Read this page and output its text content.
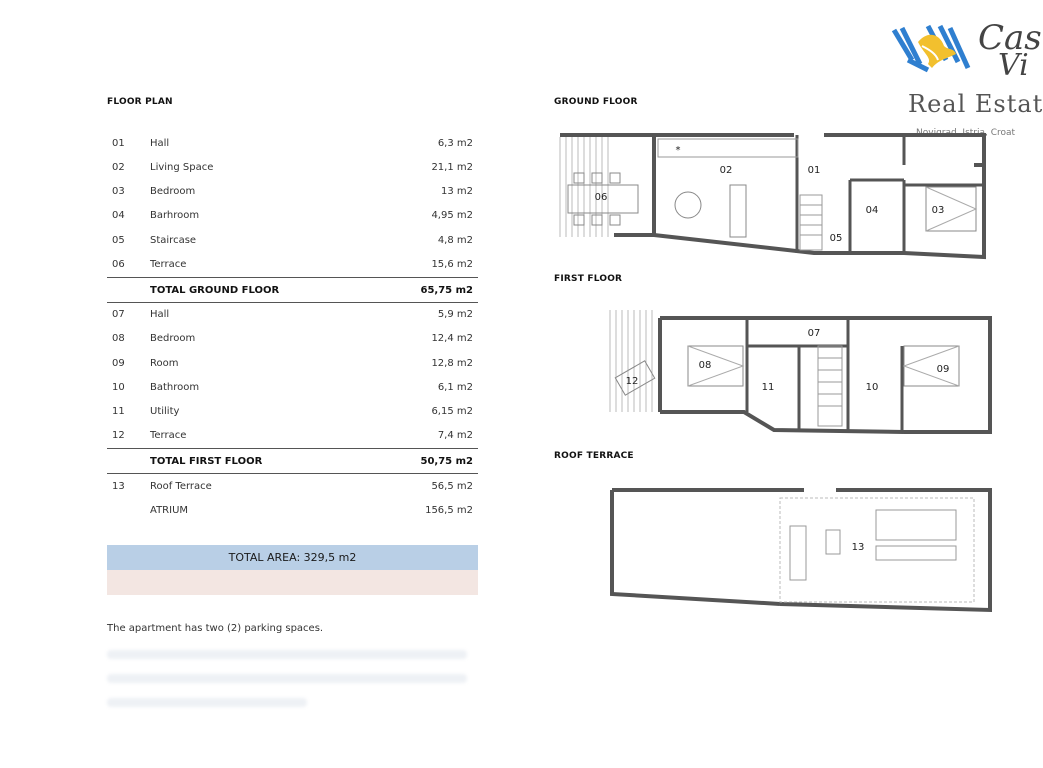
Cas
Vi
Real Estat
Novigrad, Istria, Croat
FLOOR PLAN
01	Hall	6,3 m2
02	Living Space	21,1 m2
03	Bedroom	13 m2
04	Barhroom	4,95 m2
05	Staircase	4,8 m2
06	Terrace	15,6 m2
TOTAL GROUND FLOOR	65,75 m2
07	Hall	5,9 m2
08	Bedroom	12,4 m2
09	Room	12,8 m2
10	Bathroom	6,1 m2
11	Utility	6,15 m2
12	Terrace	7,4 m2
TOTAL FIRST FLOOR	50,75 m2
13	Roof Terrace	56,5 m2
ATRIUM	156,5 m2
TOTAL AREA: 329,5 m2
The apartment has two (2) parking spaces.
GROUND FLOOR
FIRST FLOOR
ROOF TERRACE
06
02	01
04	03
05
*
12
08
07
11	10
09
13
